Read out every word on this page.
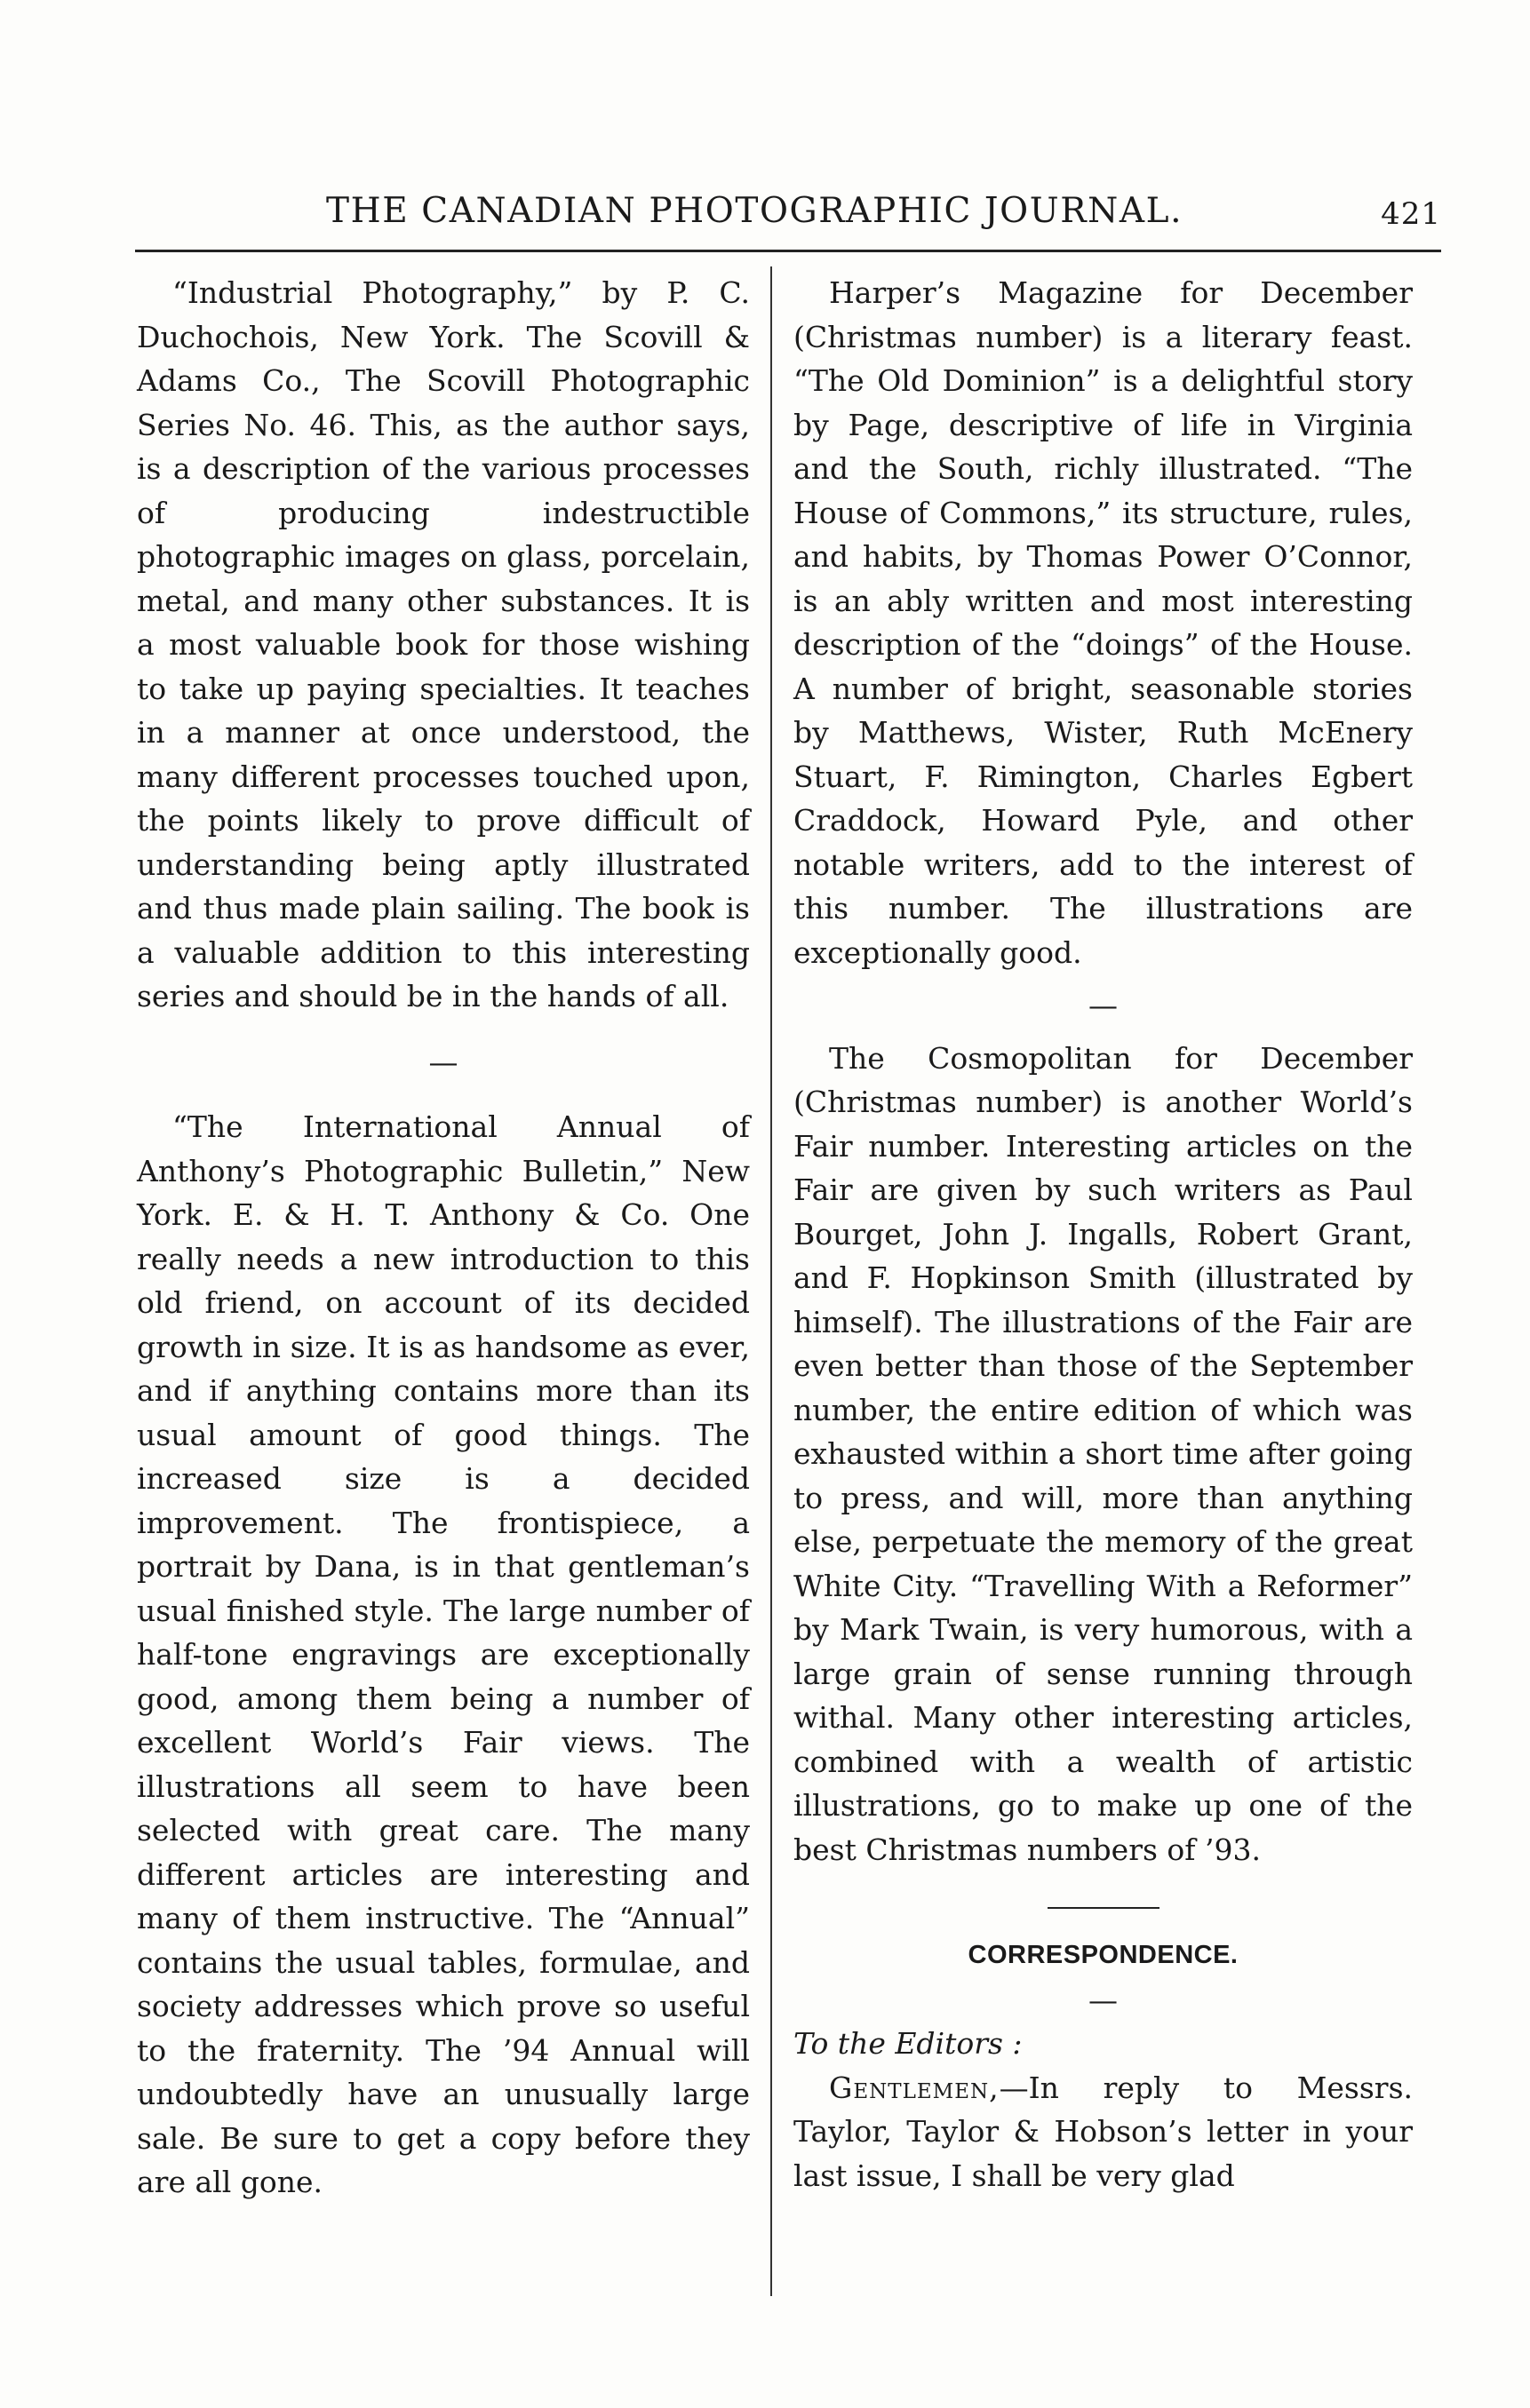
THE CANADIAN PHOTOGRAPHIC JOURNAL.	421

“Industrial Photography,” by P. C. Duchochois, New York. The Scovill & Adams Co., The Scovill Photographic Series No. 46. This, as the author says, is a description of the various processes of producing indestructible photographic images on glass, porcelain, metal, and many other substances. It is a most valuable book for those wishing to take up paying specialties. It teaches in a manner at once understood, the many different processes touched upon, the points likely to prove difficult of understanding being aptly illustrated and thus made plain sailing. The book is a valuable addition to this interesting series and should be in the hands of all.

—

“The International Annual of Anthony’s Photographic Bulletin,” New York. E. & H. T. Anthony & Co. One really needs a new introduction to this old friend, on account of its decided growth in size. It is as handsome as ever, and if anything contains more than its usual amount of good things. The increased size is a decided improvement. The frontispiece, a portrait by Dana, is in that gentleman’s usual finished style. The large number of half-tone engravings are exceptionally good, among them being a number of excellent World’s Fair views. The illustrations all seem to have been selected with great care. The many different articles are interesting and many of them instructive. The “Annual” contains the usual tables, formulae, and society addresses which prove so useful to the fraternity. The ’94 Annual will undoubtedly have an unusually large sale. Be sure to get a copy before they are all gone.

Harper’s Magazine for December (Christmas number) is a literary feast. “The Old Dominion” is a delightful story by Page, descriptive of life in Virginia and the South, richly illustrated. “The House of Commons,” its structure, rules, and habits, by Thomas Power O’Connor, is an ably written and most interesting description of the “doings” of the House. A number of bright, seasonable stories by Matthews, Wister, Ruth McEnery Stuart, F. Rimington, Charles Egbert Craddock, Howard Pyle, and other notable writers, add to the interest of this number. The illustrations are exceptionally good.

—

The Cosmopolitan for December (Christmas number) is another World’s Fair number. Interesting articles on the Fair are given by such writers as Paul Bourget, John J. Ingalls, Robert Grant, and F. Hopkinson Smith (illustrated by himself). The illustrations of the Fair are even better than those of the September number, the entire edition of which was exhausted within a short time after going to press, and will, more than anything else, perpetuate the memory of the great White City. “Travelling With a Reformer” by Mark Twain, is very humorous, with a large grain of sense running through withal. Many other interesting articles, combined with a wealth of artistic illustrations, go to make up one of the best Christmas numbers of ’93.

CORRESPONDENCE.
—

To the Editors :

Gentlemen,—In reply to Messrs. Taylor, Taylor & Hobson’s letter in your last issue, I shall be very glad
